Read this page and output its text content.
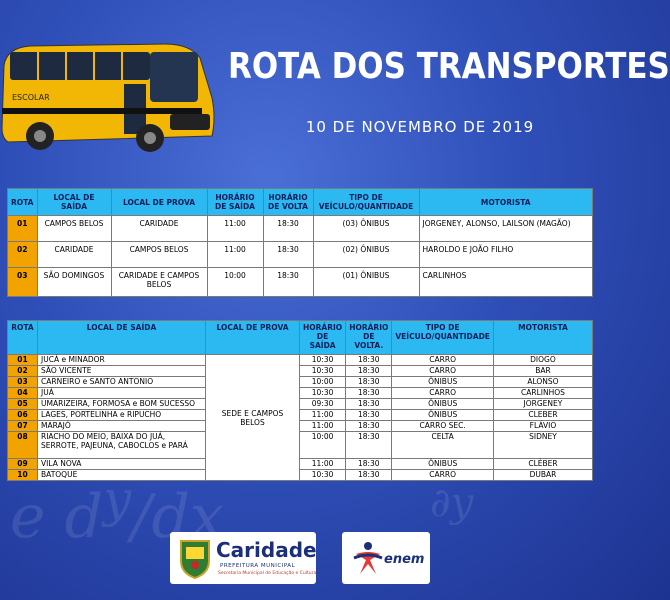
e $d^y/dx$	∂y
ESCOLAR
ROTA DOS TRANSPORTES
10 DE NOVEMBRO DE 2019
ROTA	LOCAL DE SAÍDA	LOCAL DE PROVA	HORÁRIO DE SAÍDA	HORÁRIO DE VOLTA	TIPO DE VEÍCULO/QUANTIDADE	MOTORISTA
01	CAMPOS BELOS	CARIDADE	11:00	18:30	(03) ÔNIBUS	JORGENEY, ALONSO, LAILSON (MAGÃO)
02	CARIDADE	CAMPOS BELOS	11:00	18:30	(02) ÔNIBUS	HAROLDO E JOÃO FILHO
03	SÃO DOMINGOS	CARIDADE E CAMPOS BELOS	10:00	18:30	(01) ÔNIBUS	CARLINHOS
ROTA	LOCAL DE SAÍDA	LOCAL DE PROVA	HORÁRIO DE SAÍDA	HORÁRIO DE VOLTA.	TIPO DE VEÍCULO/QUANTIDADE	MOTORISTA
01	JUCÁ e MINADOR	SEDE E CAMPOS BELOS	10:30	18:30	CARRO	DIOGO
02	SÃO VICENTE		10:30	18:30	CARRO	BAR
03	CARNEIRO e SANTO ANTONIO		10:00	18:30	ÔNIBUS	ALONSO
04	JUÁ		10:30	18:30	CARRO	CARLINHOS
05	UMARIZEIRA, FORMOSA e BOM SUCESSO		09:30	18:30	ÔNIBUS	JORGENEY
06	LAGES, PORTELINHA e RIPUCHO		11:00	18:30	ÔNIBUS	CLEBER
07	MARAJÓ		11:00	18:30	CARRO SEC.	FLÁVIO
08	RIACHO DO MEIO, BAIXA DO JUÁ, SERROTE, PAJEUNA, CABOCLOS e PARÁ		10:00	18:30	CELTA	SIDNEY
09	VILA NOVA		11:00	18:30	ÔNIBUS	CLÉBER
10	BATOQUE		10:30	18:30	CARRO	DUBAR
Caridade
PREFEITURA MUNICIPAL
Secretaria Municipal de Educação e Cultura
enem
